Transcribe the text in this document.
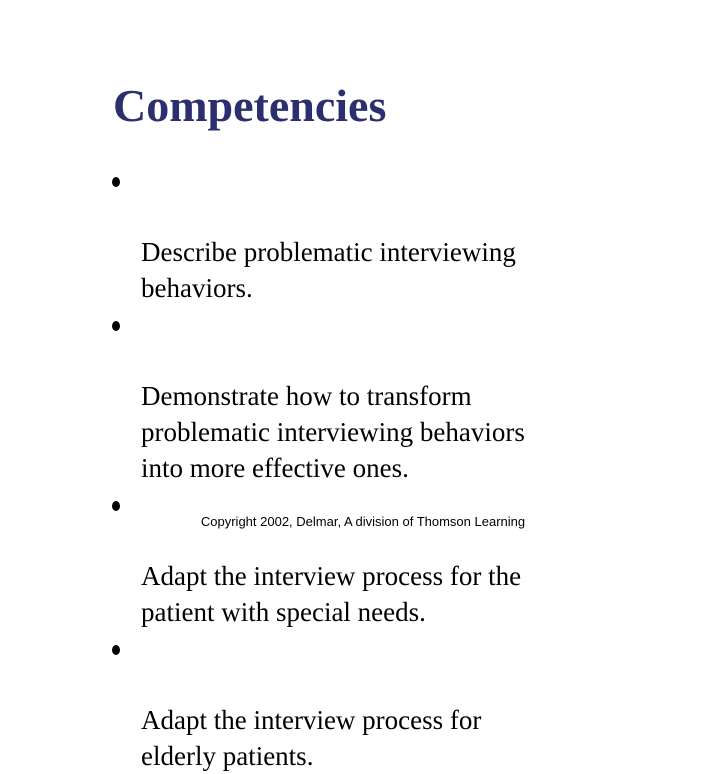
Competencies

Describe problematic interviewing
behaviors.

Demonstrate how to transform
problematic interviewing behaviors
into more effective ones.

Adapt the interview process for the
patient with special needs.

Adapt the interview process for
elderly patients.

Copyright 2002, Delmar, A division of Thomson Learning
